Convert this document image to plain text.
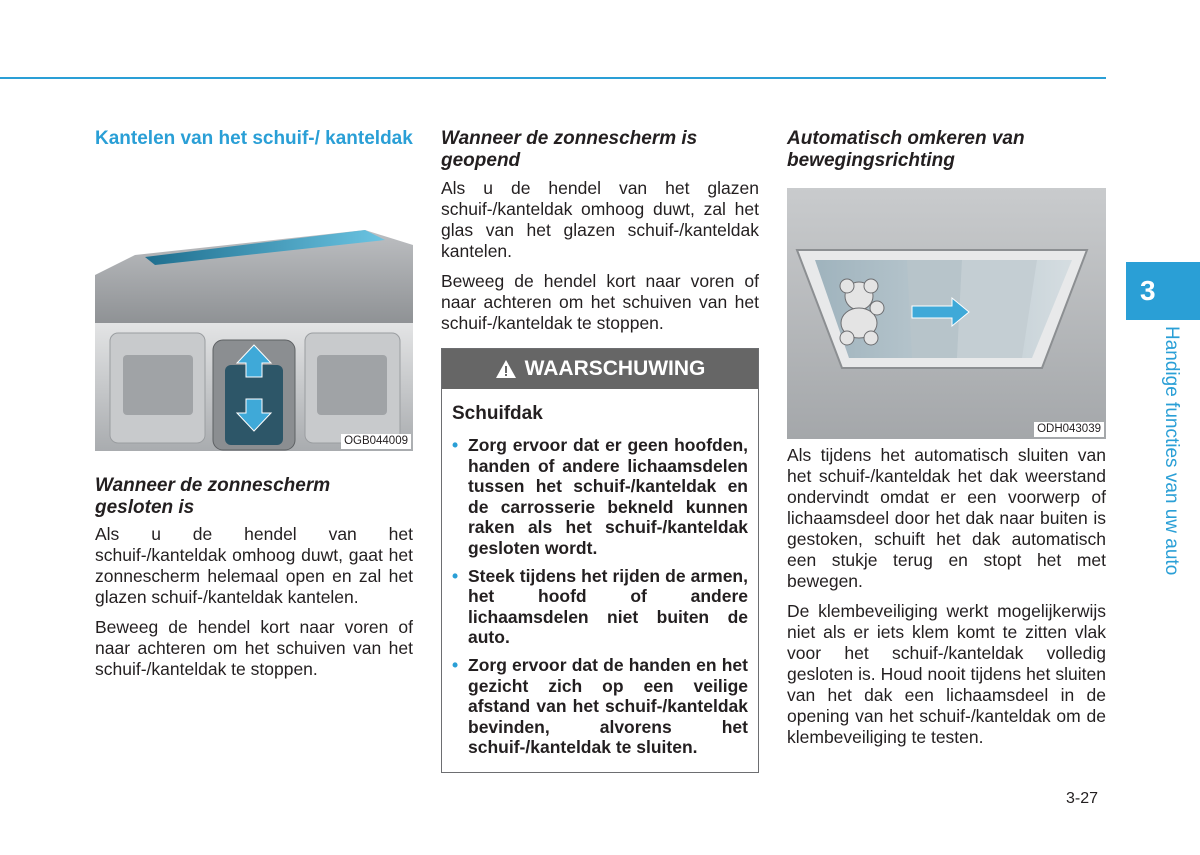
Kantelen van het schuif-/ kanteldak
OGB044009
Wanneer de zonnescherm gesloten is

Als u de hendel van het schuif-/kanteldak omhoog duwt, gaat het zonnescherm helemaal open en zal het glazen schuif-/kanteldak kantelen.

Beweeg de hendel kort naar voren of naar achteren om het schuiven van het schuif-/kanteldak te stoppen.

Wanneer de zonnescherm is geopend

Als u de hendel van het glazen schuif-/kanteldak omhoog duwt, zal het glas van het glazen schuif-/kanteldak kantelen.

Beweeg de hendel kort naar voren of naar achteren om het schuiven van het schuif-/kanteldak te stoppen.

WAARSCHUWING
Schuifdak
• Zorg ervoor dat er geen hoofden, handen of andere lichaamsdelen tussen het schuif-/kanteldak en de carrosserie bekneld kunnen raken als het schuif-/kanteldak gesloten wordt.
• Steek tijdens het rijden de armen, het hoofd of andere lichaamsdelen niet buiten de auto.
• Zorg ervoor dat de handen en het gezicht zich op een veilige afstand van het schuif-/kanteldak bevinden, alvorens het schuif-/kanteldak te sluiten.
Automatisch omkeren van bewegingsrichting
ODH043039

Als tijdens het automatisch sluiten van het schuif-/kanteldak het dak weerstand ondervindt omdat er een voorwerp of lichaamsdeel door het dak naar buiten is gestoken, schuift het dak automatisch een stukje terug en stopt het met bewegen.

De klembeveiliging werkt mogelijkerwijs niet als er iets klem komt te zitten vlak voor het schuif-/kanteldak volledig gesloten is. Houd nooit tijdens het sluiten van het dak een lichaamsdeel in de opening van het schuif-/kanteldak om de klembeveiliging te testen.

3
Handige functies van uw auto
3-27
